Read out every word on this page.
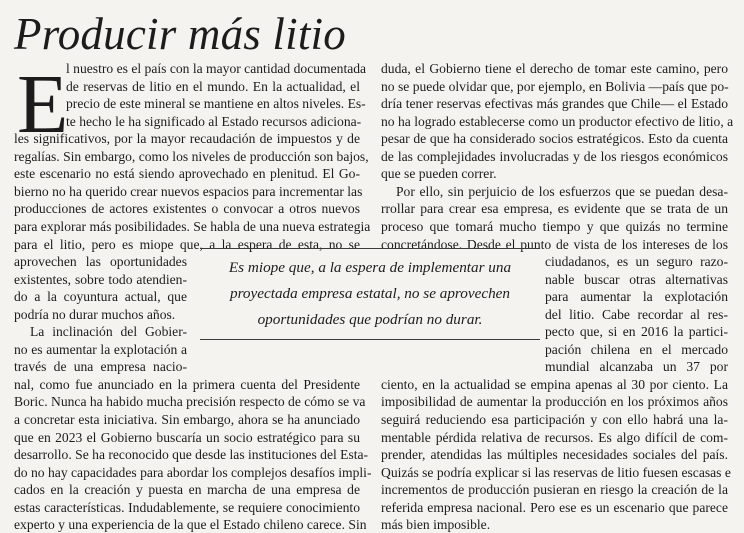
Producir más litio
E
l nuestro es el país con la mayor cantidad documentada
de reservas de litio en el mundo. En la actualidad, el
precio de este mineral se mantiene en altos niveles. Es-
te hecho le ha significado al Estado recursos adiciona-
les significativos, por la mayor recaudación de impuestos y de
regalías. Sin embargo, como los niveles de producción son bajos,
este escenario no está siendo aprovechado en plenitud. El Go-
bierno no ha querido crear nuevos espacios para incrementar las
producciones de actores existentes o convocar a otros nuevos
para explorar más posibilidades. Se habla de una nueva estrategia
para el litio, pero es miope que, a la espera de esta, no se
aprovechen las oportunidades
existentes, sobre todo atendien-
do a la coyuntura actual, que
podría no durar muchos años.
La inclinación del Gobier-
no es aumentar la explotación a
través de una empresa nacio-
nal, como fue anunciado en la primera cuenta del Presidente
Boric. Nunca ha habido mucha precisión respecto de cómo se va
a concretar esta iniciativa. Sin embargo, ahora se ha anunciado
que en 2023 el Gobierno buscaría un socio estratégico para su
desarrollo. Se ha reconocido que desde las instituciones del Esta-
do no hay capacidades para abordar los complejos desafíos impli-
cados en la creación y puesta en marcha de una empresa de
estas características. Indudablemente, se requiere conocimiento
experto y una experiencia de la que el Estado chileno carece. Sin
duda, el Gobierno tiene el derecho de tomar este camino, pero
no se puede olvidar que, por ejemplo, en Bolivia —país que po-
dría tener reservas efectivas más grandes que Chile— el Estado
no ha logrado establecerse como un productor efectivo de litio, a
pesar de que ha considerado socios estratégicos. Esto da cuenta
de las complejidades involucradas y de los riesgos económicos
que se pueden correr.
Por ello, sin perjuicio de los esfuerzos que se puedan desa-
rrollar para crear esa empresa, es evidente que se trata de un
proceso que tomará mucho tiempo y que quizás no termine
concretándose. Desde el punto de vista de los intereses de los
ciudadanos, es un seguro razo-
nable buscar otras alternativas
para aumentar la explotación
del litio. Cabe recordar al res-
pecto que, si en 2016 la partici-
pación chilena en el mercado
mundial alcanzaba un 37 por
ciento, en la actualidad se empina apenas al 30 por ciento. La
imposibilidad de aumentar la producción en los próximos años
seguirá reduciendo esa participación y con ello habrá una la-
mentable pérdida relativa de recursos. Es algo difícil de com-
prender, atendidas las múltiples necesidades sociales del país.
Quizás se podría explicar si las reservas de litio fuesen escasas e
incrementos de producción pusieran en riesgo la creación de la
referida empresa nacional. Pero ese es un escenario que parece
más bien imposible.
Es miope que, a la espera de implementar una
proyectada empresa estatal, no se aprovechen
oportunidades que podrían no durar.
